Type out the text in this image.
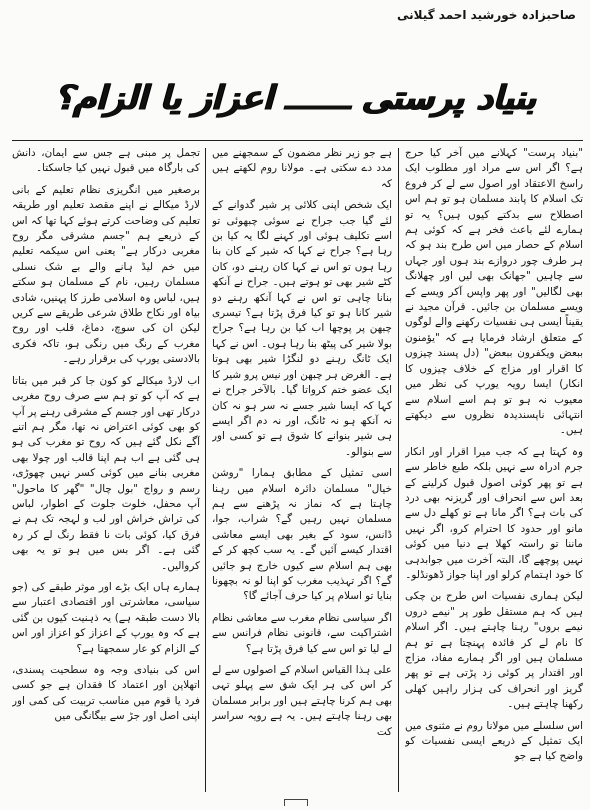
صاحبزادہ خورشید احمد گیلانی
بنیاد پرستی ــــــ اعزاز یا الزام؟

"بنیاد پرست" کہلانے میں آخر کیا حرج ہے؟ اگر اس سے مراد اور مطلوب ایک راسخ الاعتقاد اور اصول سے لے کر فروع تک اسلام کا پابند مسلمان ہو تو ہم اس اصطلاح سے بدکتے کیوں ہیں؟ یہ تو ہمارے لئے باعث فخر ہے کہ کوئی ہم اسلام کے حصار میں اس طرح بند ہو کہ ہر طرف چور دروازے بند ہوں اور جہاں سے چاہیں "جھانک بھی لیں اور چھلانگ بھی لگالیں" اور پھر واپس آکر ویسے کے ویسے مسلمان بن جائیں۔ قرآن مجید نے یقیناً ایسی ہی نفسیات رکھنے والے لوگوں کے متعلق ارشاد فرمایا ہے کہ "یؤمنون ببعض ویکفرون ببعض" (دل پسند چیزوں کا اقرار اور مزاج کے خلاف چیزوں کا انکار) ایسا رویہ یورپ کی نظر میں معیوب نہ ہو تو ہم اسے اسلام سے انتہائی ناپسندیدہ نظروں سے دیکھتے ہیں۔

وہ کہتا ہے کہ جب میرا اقرار اور انکار جرم ادراہ سے نہیں بلکہ طبع خاطر سے ہے تو پھر کوئی اصول قبول کرلینے کے بعد اس سے انحراف اور گریزنہ بھی درد کی بات ہے؟ اگر مانا ہے تو کھلے دل سے مانو اور حدود کا احترام کرو، اگر نہیں ماننا تو راستہ کھلا ہے دنیا میں کوئی نہیں پوچھے گا، البتہ آخرت میں جوابدہی کا خود اہتمام کرلو اور اپنا جواز ڈھونڈلو۔

لیکن ہماری نفسیات اس طرح بن چکی ہیں کہ ہم مستقل طور پر "نیمے دروں نیمے بروں" رہنا چاہتے ہیں۔ اگر اسلام کا نام لے کر فائدہ پہنچتا ہے تو ہم مسلمان ہیں اور اگر ہمارے مفاد، مزاج اور اقتدار پر کوئی زد پڑتی ہے تو پھر گریز اور انحراف کی ہزار راہیں کھلی رکھنا چاہتے ہیں۔

اس سلسلے میں مولانا روم نے مثنوی میں ایک تمثیل کے ذریعے ایسی نفسیات کو واضح کیا ہے جو

ہے جو زیر نظر مضمون کے سمجھنے میں مدد دے سکتی ہے۔ مولانا روم لکھتے ہیں کہ

ایک شخص اپنی کلائی پر شیر گدوانے کے لئے گیا جب جراح نے سوئی چبھوئی تو اسے تکلیف ہوئی اور کہنے لگا یہ کیا بن رہا ہے؟ جراح نے کہا کہ شیر کے کان بنا رہا ہوں تو اس نے کہا کان رہنے دو، کان کٹے شیر بھی تو ہوتے ہیں۔ جراح نے آنکھ بنانا چاہی تو اس نے کہا آنکھ رہنے دو شیر کانا ہو تو کیا فرق پڑتا ہے؟ تیسری چبھن پر پوچھا اب کیا بن رہا ہے؟ جراح بولا شیر کی پیٹھ بنا رہا ہوں۔ اس نے کہا ایک ٹانگ رہنے دو لنگڑا شیر بھی ہوتا ہے۔ الغرض ہر چبھن اور نیس پرو شیر کا ایک عضو ختم کرواتا گیا۔ بالآخر جراح نے کہا کہ ایسا شیر جسے نہ سر ہو نہ کان نہ آنکھ ہو نہ ٹانگ، اور نہ دم اگر ایسے ہی شیر بنوانے کا شوق ہے تو کسی اور سے بنوالو۔

اسی تمثیل کے مطابق ہمارا "روشن خیال" مسلمان دائرہ اسلام میں رہنا چاہتا ہے کہ نماز نہ پڑھنے سے ہم مسلمان نہیں رہیں گے؟ شراب، جوا، ڈانس، سود کے بغیر بھی ایسے معاشی اقتدار کیسے آئیں گے۔ یہ سب کچھ کر کے بھی ہم اسلام سے کیوں خارج ہو جائیں گے؟ اگر تہذیب مغرب کو اپنا لو نہ بچھونا بنایا تو اسلام پر کیا حرف آجائے گا؟

اگر سیاسی نظام مغرب سے معاشی نظام اشتراکیت سے، قانونی نظام فرانس سے لے لیا تو اس سے کیا فرق پڑتا ہے؟

علی ہذا القیاس اسلام کے اصولوں سے لے کر اس کی ہر ایک شق سے پہلو تہی بھی ہم کرنا چاہتے ہیں اور برابر مسلمان بھی رہنا چاہتے ہیں۔ یہ ہے رویہ سراسر کت

تجمل پر مبنی ہے جس سے ایمان، دانش کی بارگاہ میں قبول نہیں کیا جاسکتا۔

برصغیر میں انگریزی نظام تعلیم کے بانی لارڈ میکالے نے اپنے مقصد تعلیم اور طریقہ تعلیم کی وضاحت کرتے ہوئے کہا تھا کہ اس کے ذریعے ہم "جسم مشرقی مگر روح مغربی درکار ہے" یعنی اس سیکمہ تعلیم میں خم لیڈ ہانے والے بے شک نسلی مسلمان رہیں، نام کے مسلمان ہو سکتے ہیں، لباس وہ اسلامی طرز کا پہنیں، شادی بیاہ اور نکاح طلاق شرعی طریقے سے کریں لیکن ان کی سوچ، دماغ، قلب اور روح مغرب کے رنگ میں رنگی ہو، تاکہ فکری بالادستی یورپ کی برقرار رہے۔

اب لارڈ میکالے کو کون جا کر قبر میں بتاتا ہے کہ آپ کو تو ہم سے صرف روح مغربی درکار تھی اور جسم کے مشرقی رہنے پر آپ کو بھی کوئی اعتراض نہ تھا، مگر ہم اتنے آگے نکل گئے ہیں کہ روح تو مغرب کی ہو ہی گئی ہے اب ہم اپنا قالب اور چولا بھی مغربی بنانے میں کوئی کسر نہیں چھوڑی، رسم و رواج "بول چال" "گھر کا ماحول" آپ محفل، خلوت جلوت کے اطوار، لباس کی تراش خراش اور لب و لہجہ تک ہم نے فرق کیا، کوئی بات نا فقط رنگ لے کر رہ گئی ہے۔ اگر بس میں ہو تو یہ بھی کروالیں۔

ہمارے ہاں ایک بڑے اور موثر طبقے کی (جو سیاسی، معاشرتی اور اقتصادی اعتبار سے بالا دست طبقہ ہے) یہ ذہنیت کیوں بن گئی ہے کہ وہ یورپ کے اعزاز کو اعزاز اور اس کے الزام کو عار سمجھتا ہے؟

اس کی بنیادی وجہ وہ سطحیت پسندی، اتھلاپن اور اعتماد کا فقدان ہے جو کسی فرد یا قوم میں مناسب تربیت کی کمی اور اپنی اصل اور جڑ سے بیگانگی میں
